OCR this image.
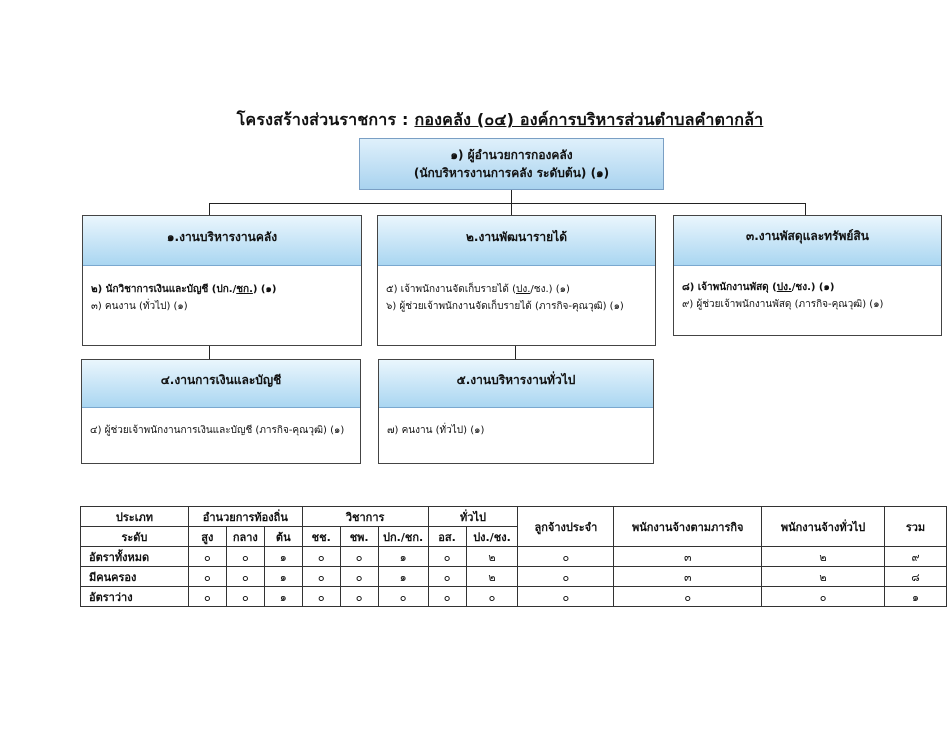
โครงสร้างส่วนราชการ : กองคลัง (๐๔) องค์การบริหารส่วนตำบลคำตากล้า
๑) ผู้อำนวยการกองคลัง
(นักบริหารงานการคลัง ระดับต้น) (๑)
๑.งานบริหารงานคลัง
๒) นักวิชาการเงินและบัญชี (ปก./ชก.) (๑)
๓) คนงาน (ทั่วไป) (๑)
๒.งานพัฒนารายได้
๕) เจ้าพนักงานจัดเก็บรายได้ (ปง./ชง.) (๑)
๖) ผู้ช่วยเจ้าพนักงานจัดเก็บรายได้ (ภารกิจ-คุณวุฒิ) (๑)
๓.งานพัสดุและทรัพย์สิน
๘) เจ้าพนักงานพัสดุ (ปง./ชง.) (๑)
๙) ผู้ช่วยเจ้าพนักงานพัสดุ (ภารกิจ-คุณวุฒิ) (๑)
๔.งานการเงินและบัญชี
๔) ผู้ช่วยเจ้าพนักงานการเงินและบัญชี (ภารกิจ-คุณวุฒิ) (๑)
๕.งานบริหารงานทั่วไป
๗) คนงาน (ทั่วไป) (๑)
ประเภท	อำนวยการท้องถิ่น			วิชาการ			ทั่วไป		ลูกจ้างประจำ	พนักงานจ้างตามภารกิจ	พนักงานจ้างทั่วไป	รวม
ระดับ	สูง	กลาง	ต้น	ชช.	ชพ.	ปก./ชก.	อส.	ปง./ชง.				
อัตราทั้งหมด	๐	๐	๑	๐	๐	๑	๐	๒	๐	๓	๒	๙
มีคนครอง	๐	๐	๑	๐	๐	๑	๐	๒	๐	๓	๒	๘
อัตราว่าง	๐	๐	๑	๐	๐	๐	๐	๐	๐	๐	๐	๑
